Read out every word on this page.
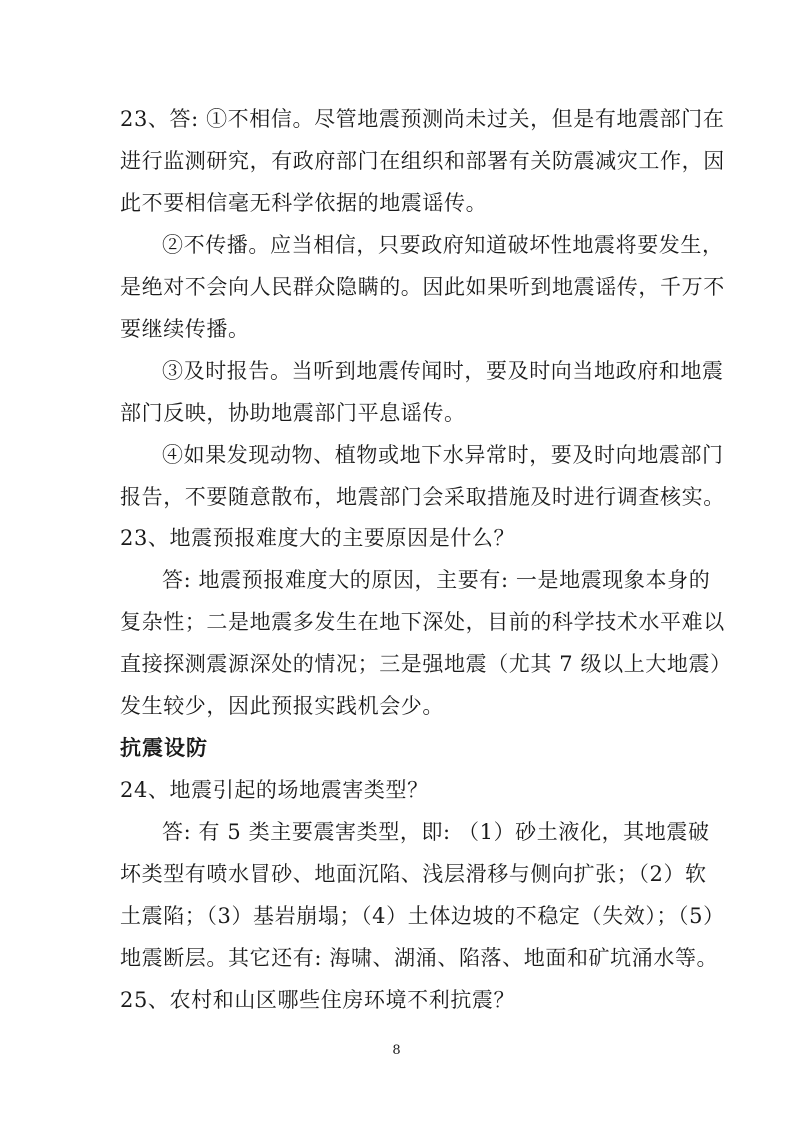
23、答: ①不相信。尽管地震预测尚未过关，但是有地震部门在
进行监测研究，有政府部门在组织和部署有关防震减灾工作，因
此不要相信毫无科学依据的地震谣传。
②不传播。应当相信，只要政府知道破坏性地震将要发生，
是绝对不会向人民群众隐瞒的。因此如果听到地震谣传，千万不
要继续传播。
③及时报告。当听到地震传闻时，要及时向当地政府和地震
部门反映，协助地震部门平息谣传。
④如果发现动物、植物或地下水异常时，要及时向地震部门
报告，不要随意散布，地震部门会采取措施及时进行调查核实。
23、地震预报难度大的主要原因是什么？
答: 地震预报难度大的原因，主要有: 一是地震现象本身的
复杂性；二是地震多发生在地下深处，目前的科学技术水平难以
直接探测震源深处的情况；三是强地震（尤其 7 级以上大地震）
发生较少，因此预报实践机会少。
抗震设防
24、地震引起的场地震害类型？
答: 有 5 类主要震害类型，即: （1）砂土液化，其地震破
坏类型有喷水冒砂、地面沉陷、浅层滑移与侧向扩张；（2）软
土震陷；（3）基岩崩塌；（4）土体边坡的不稳定（失效）；（5）
地震断层。其它还有: 海啸、湖涌、陷落、地面和矿坑涌水等。
25、农村和山区哪些住房环境不利抗震？
8
